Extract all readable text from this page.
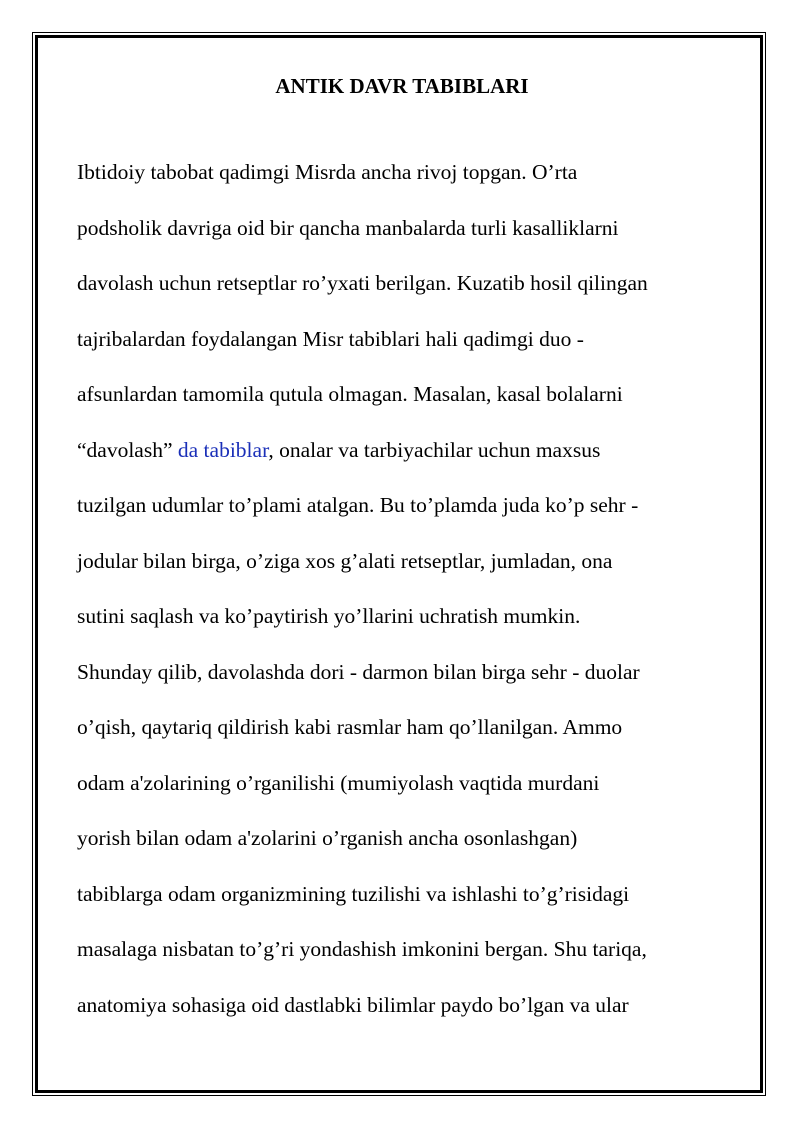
ANTIK DAVR TABIBLARI
Ibtidoiy tabobat qadimgi Misrda ancha rivoj topgan. O’rta
podsholik davriga oid bir qancha manbalarda turli kasalliklarni
davolash uchun retseptlar ro’yxati berilgan. Kuzatib hosil qilingan
tajribalardan foydalangan Misr tabiblari hali qadimgi duo -
afsunlardan tamomila qutula olmagan. Masalan, kasal bolalarni
“davolash” da tabiblar, onalar va tarbiyachilar uchun maxsus
tuzilgan udumlar to’plami atalgan. Bu to’plamda juda ko’p sehr -
jodular bilan birga, o’ziga xos g’alati retseptlar, jumladan, ona
sutini saqlash va ko’paytirish yo’llarini uchratish mumkin.
Shunday qilib, davolashda dori - darmon bilan birga sehr - duolar
o’qish, qaytariq qildirish kabi rasmlar ham qo’llanilgan. Ammo
odam a'zolarining o’rganilishi (mumiyolash vaqtida murdani
yorish bilan odam a'zolarini o’rganish ancha osonlashgan)
tabiblarga odam organizmining tuzilishi va ishlashi to’g’risidagi
masalaga nisbatan to’g’ri yondashish imkonini bergan. Shu tariqa,
anatomiya sohasiga oid dastlabki bilimlar paydo bo’lgan va ular
